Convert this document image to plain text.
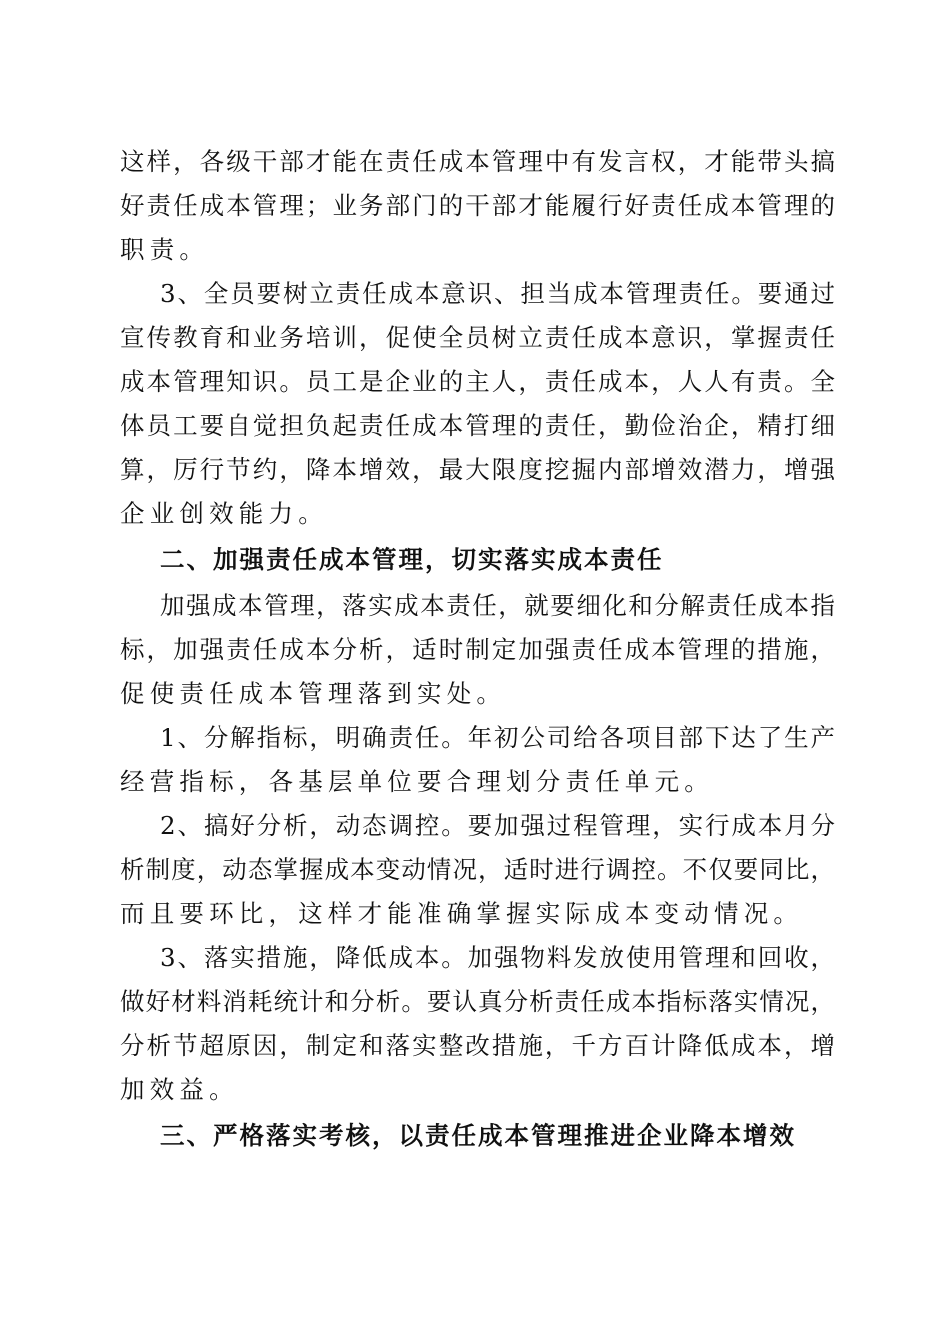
这样，各级干部才能在责任成本管理中有发言权，才能带头搞
好责任成本管理；业务部门的干部才能履行好责任成本管理的
职责。
3、全员要树立责任成本意识、担当成本管理责任。要通过
宣传教育和业务培训，促使全员树立责任成本意识，掌握责任
成本管理知识。员工是企业的主人，责任成本，人人有责。全
体员工要自觉担负起责任成本管理的责任，勤俭治企，精打细
算，厉行节约，降本增效，最大限度挖掘内部增效潜力，增强
企业创效能力。
二、加强责任成本管理，切实落实成本责任
加强成本管理，落实成本责任，就要细化和分解责任成本指
标，加强责任成本分析，适时制定加强责任成本管理的措施，
促使责任成本管理落到实处。
1、分解指标，明确责任。年初公司给各项目部下达了生产
经营指标，各基层单位要合理划分责任单元。
2、搞好分析，动态调控。要加强过程管理，实行成本月分
析制度，动态掌握成本变动情况，适时进行调控。不仅要同比，
而且要环比，这样才能准确掌握实际成本变动情况。
3、落实措施，降低成本。加强物料发放使用管理和回收，
做好材料消耗统计和分析。要认真分析责任成本指标落实情况，
分析节超原因，制定和落实整改措施，千方百计降低成本，增
加效益。
三、严格落实考核，以责任成本管理推进企业降本增效
